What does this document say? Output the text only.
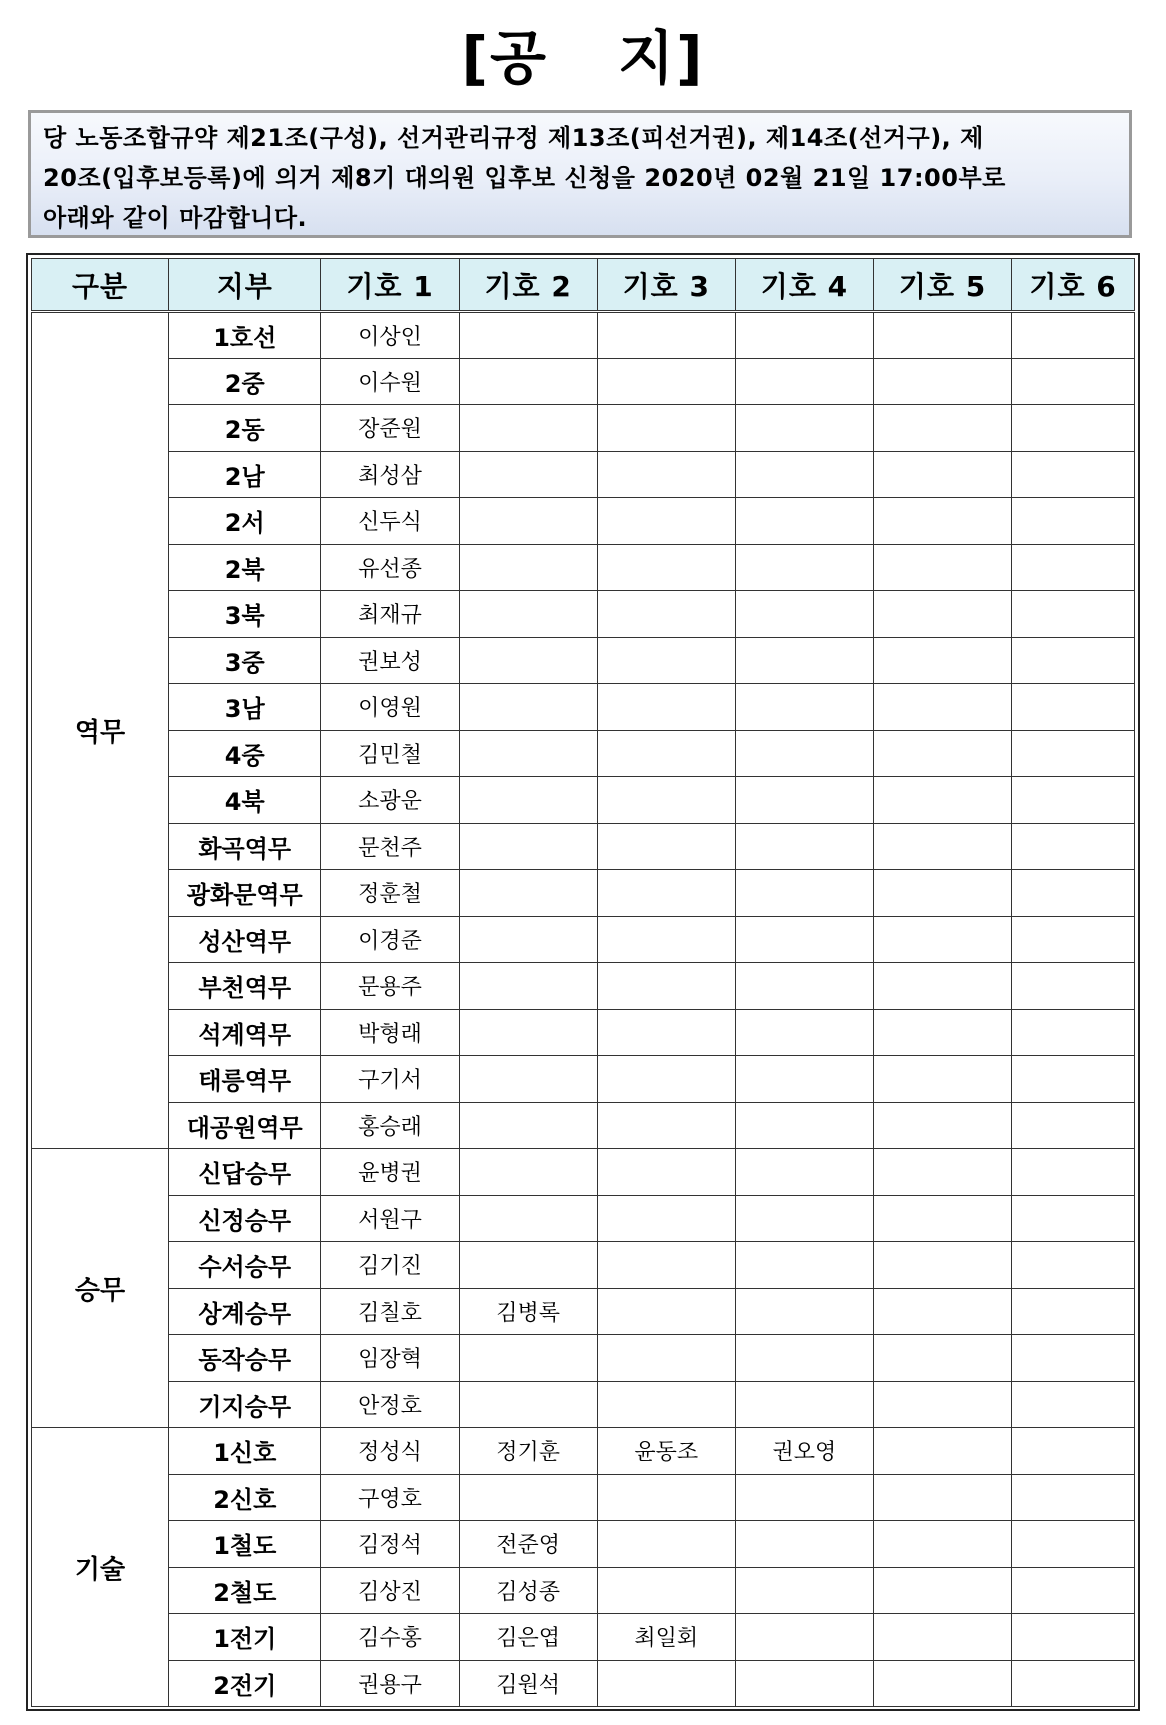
[공 지]
당 노동조합규약 제21조(구성), 선거관리규정 제13조(피선거권), 제14조(선거구), 제
20조(입후보등록)에 의거 제8기 대의원 입후보 신청을 2020년 02월 21일 17:00부로
아래와 같이 마감합니다.
구분	지부	기호 1	기호 2	기호 3	기호 4	기호 5	기호 6
역무	1호선	이상인					
	2중	이수원					
	2동	장준원					
	2남	최성삼					
	2서	신두식					
	2북	유선종					
	3북	최재규					
	3중	권보성					
	3남	이영원					
	4중	김민철					
	4북	소광운					
	화곡역무	문천주					
	광화문역무	정훈철					
	성산역무	이경준					
	부천역무	문용주					
	석계역무	박형래					
	태릉역무	구기서					
	대공원역무	홍승래					
승무	신답승무	윤병권					
	신정승무	서원구					
	수서승무	김기진					
	상계승무	김칠호	김병록				
	동작승무	임장혁					
	기지승무	안정호					
기술	1신호	정성식	정기훈	윤동조	권오영		
	2신호	구영호					
	1철도	김정석	전준영				
	2철도	김상진	김성종				
	1전기	김수홍	김은엽	최일회			
	2전기	권용구	김원석				
